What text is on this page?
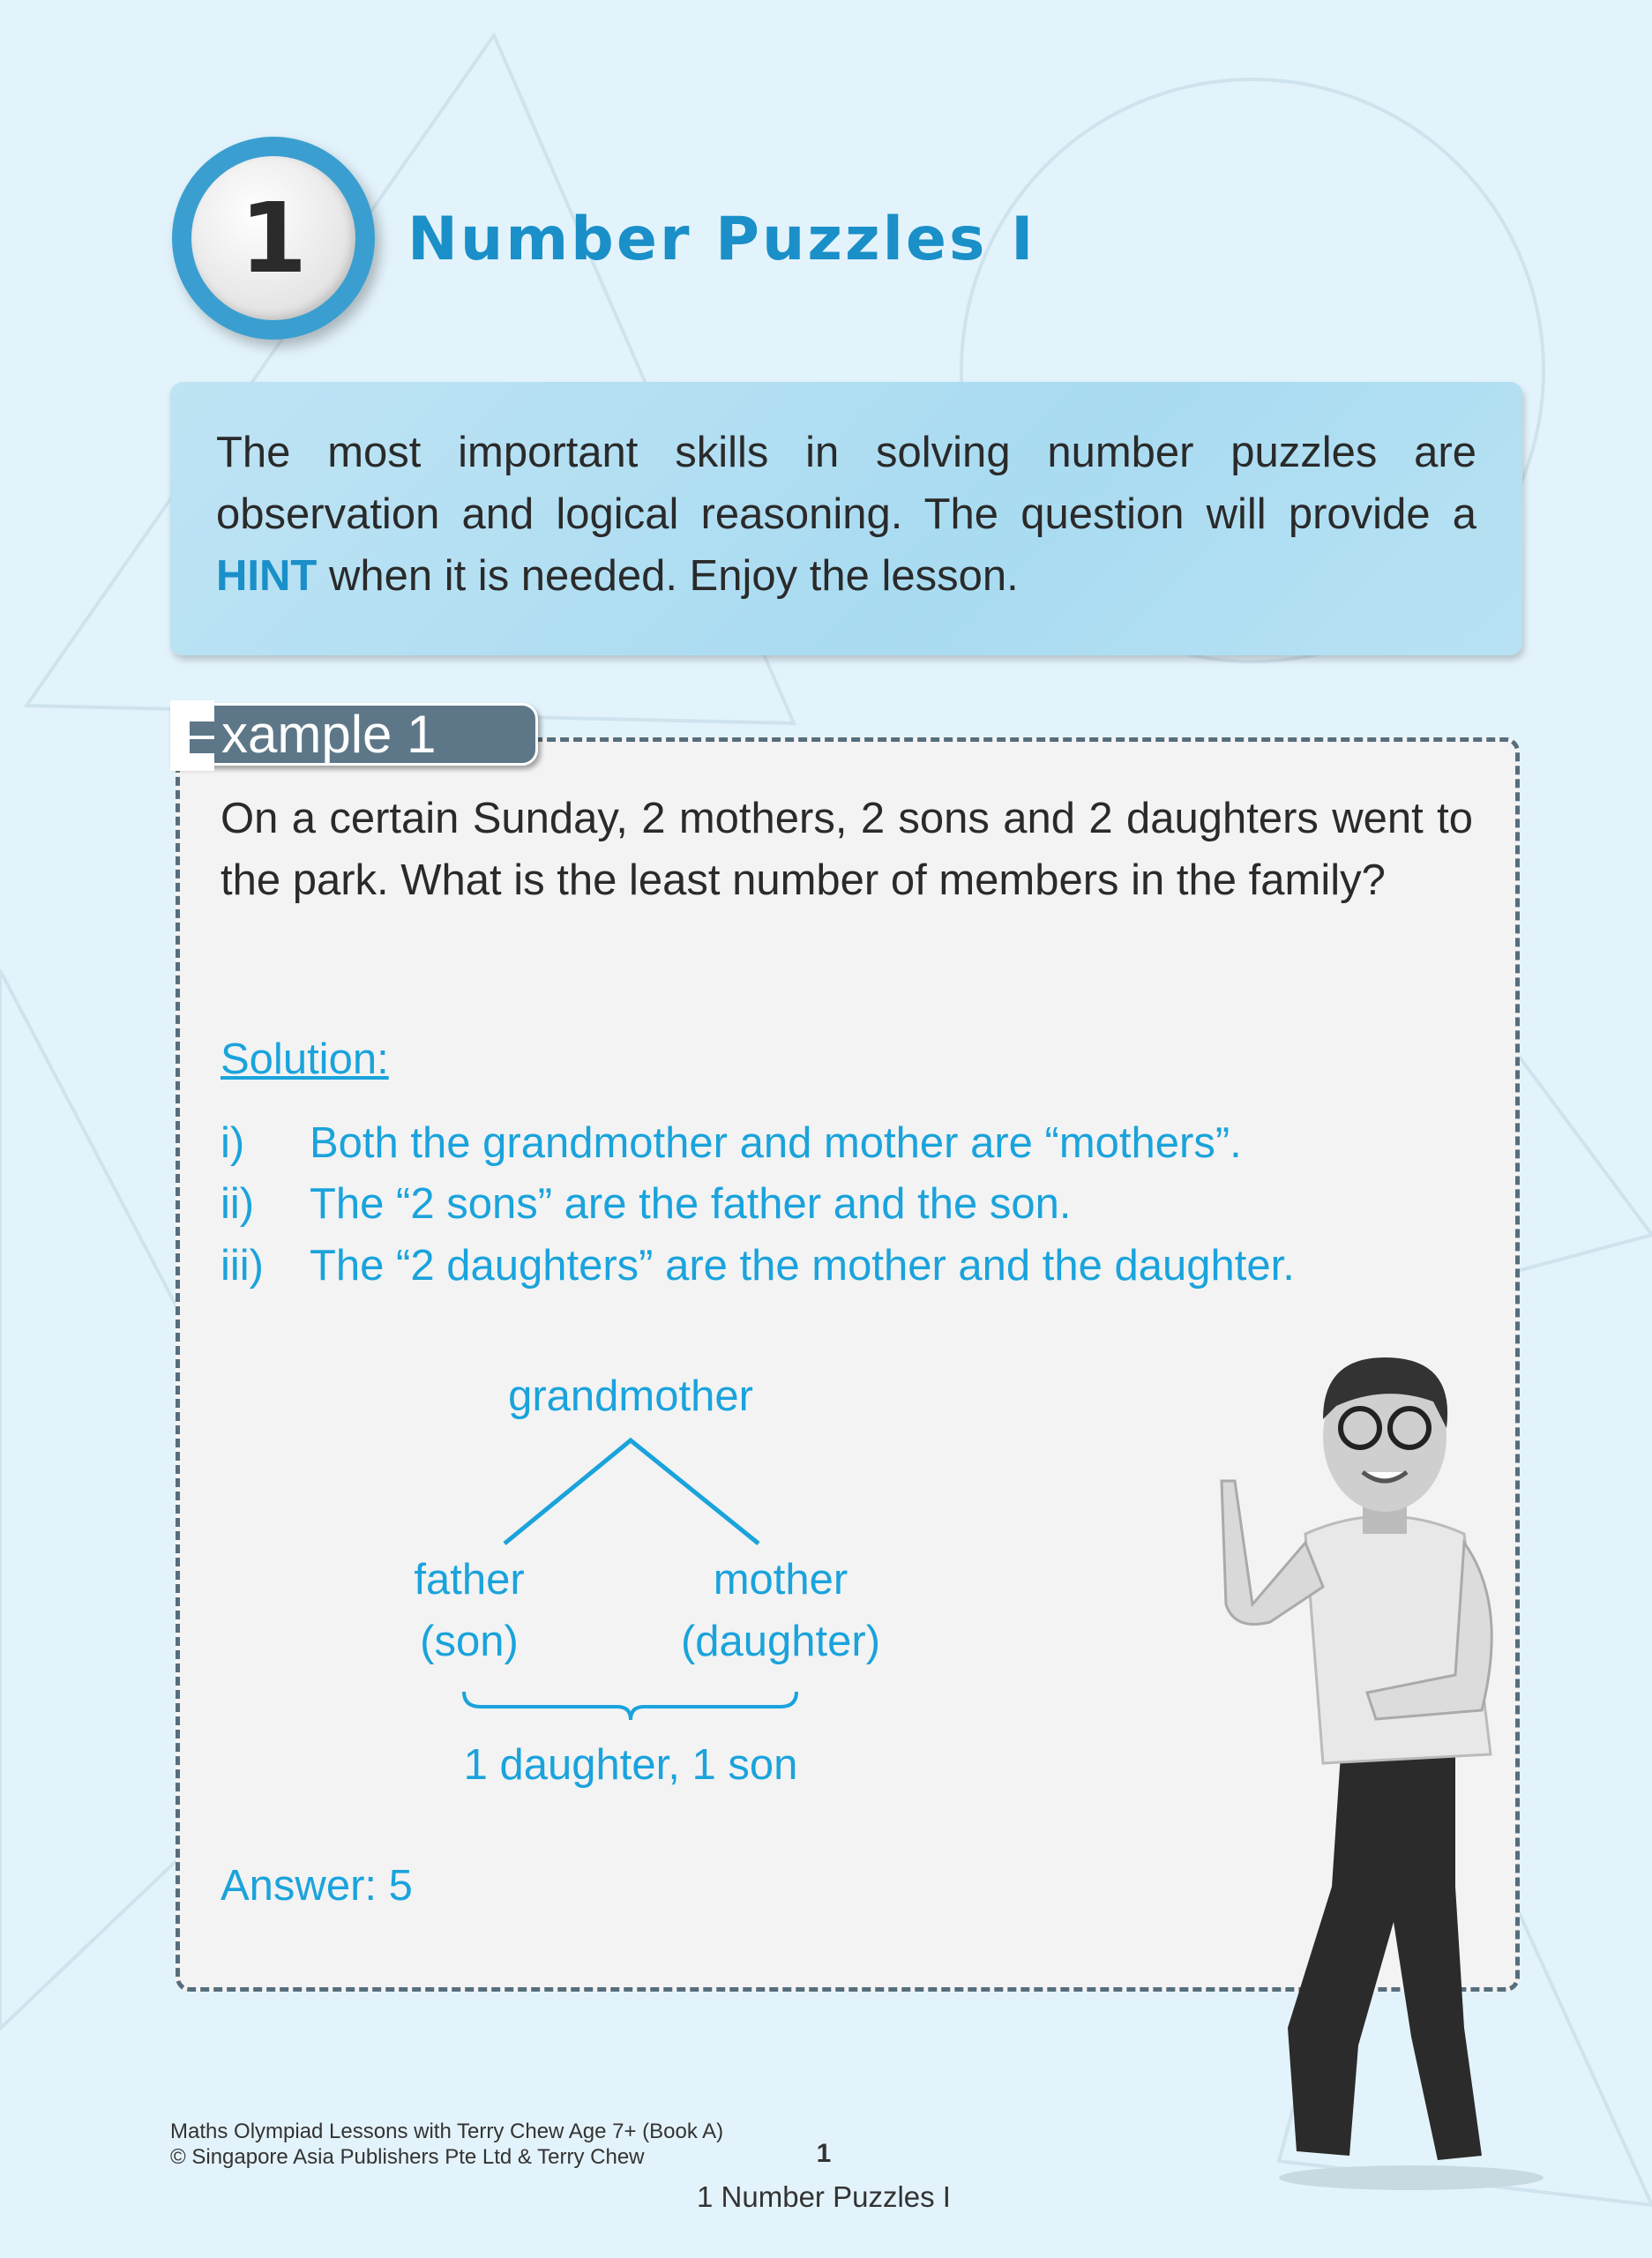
1	Number Puzzles I
The most important skills in solving number puzzles are observation and logical reasoning. The question will provide a HINT when it is needed. Enjoy the lesson.
xample 1
On a certain Sunday, 2 mothers, 2 sons and 2 daughters went to the park. What is the least number of members in the family?
Solution:
i) Both the grandmother and mother are “mothers”.
ii) The “2 sons” are the father and the son.
iii) The “2 daughters” are the mother and the daughter.
grandmother
father
(son)
mother
(daughter)
1 daughter, 1 son
Answer: 5
Maths Olympiad Lessons with Terry Chew Age 7+ (Book A)
© Singapore Asia Publishers Pte Ltd & Terry Chew	1
1 Number Puzzles I
